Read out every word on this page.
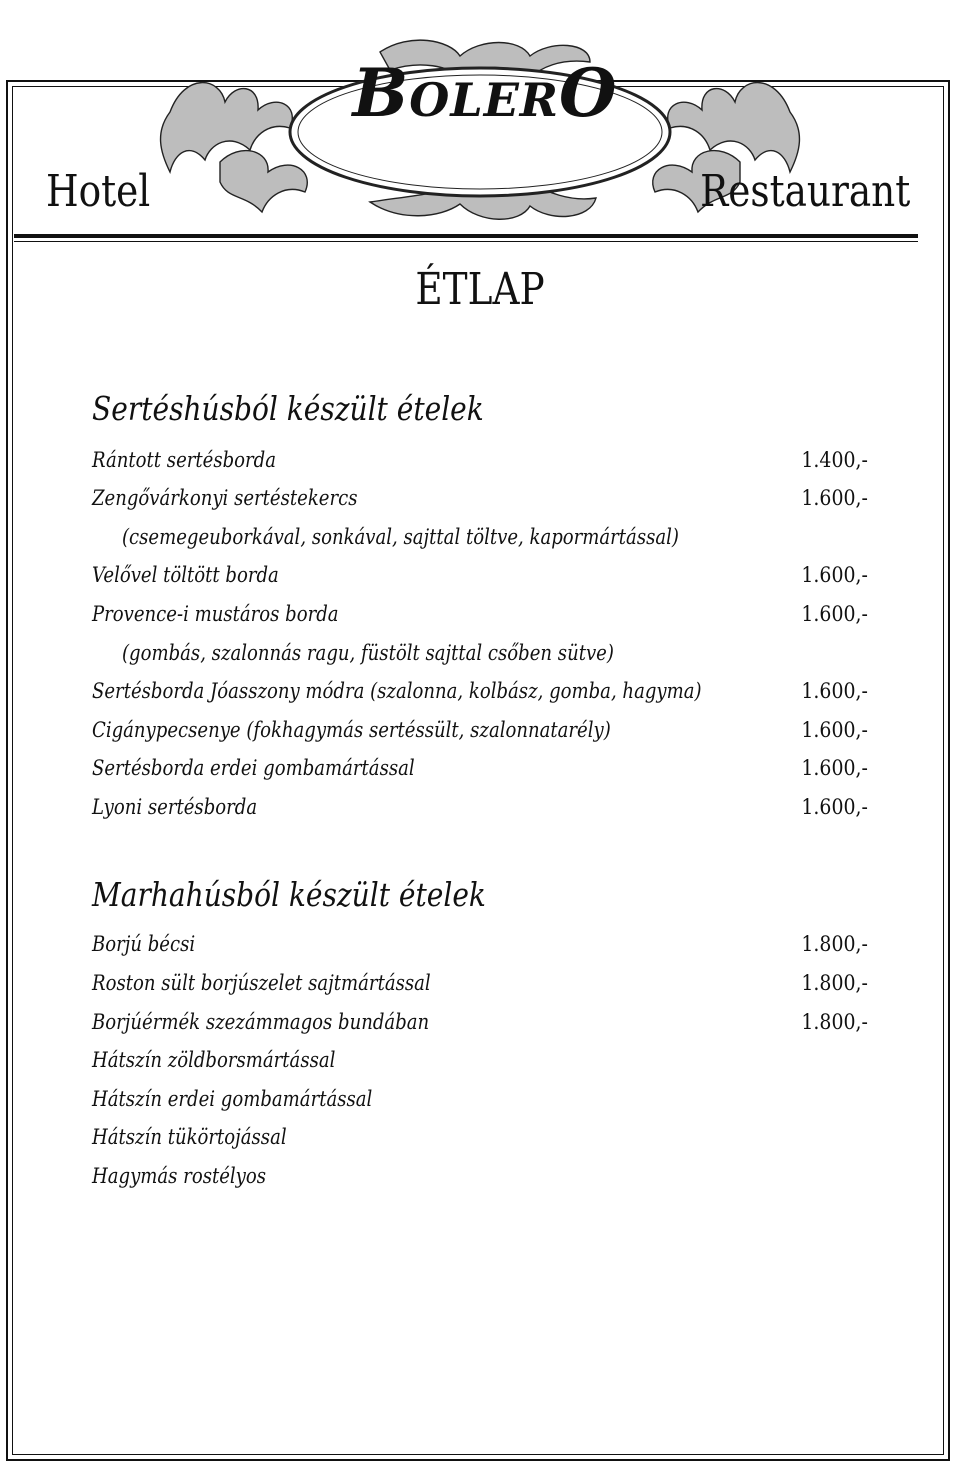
BolerO
Hotel	Restaurant
ÉTLAP
Sertéshúsból készült ételek
Rántott sertésborda	1.400,-
Zengővárkonyi sertéstekercs	1.600,-
(csemegeuborkával, sonkával, sajttal töltve, kapormártással)
Velővel töltött borda	1.600,-
Provence-i mustáros borda	1.600,-
(gombás, szalonnás ragu, füstölt sajttal csőben sütve)
Sertésborda Jóasszony módra (szalonna, kolbász, gomba, hagyma)	1.600,-
Cigánypecsenye (fokhagymás sertéssült, szalonnatarély)	1.600,-
Sertésborda erdei gombamártással	1.600,-
Lyoni sertésborda	1.600,-
Marhahúsból készült ételek
Borjú bécsi	1.800,-
Roston sült borjúszelet sajtmártással	1.800,-
Borjúérmék szezámmagos bundában	1.800,-
Hátszín zöldborsmártással
Hátszín erdei gombamártással
Hátszín tükörtojással
Hagymás rostélyos
